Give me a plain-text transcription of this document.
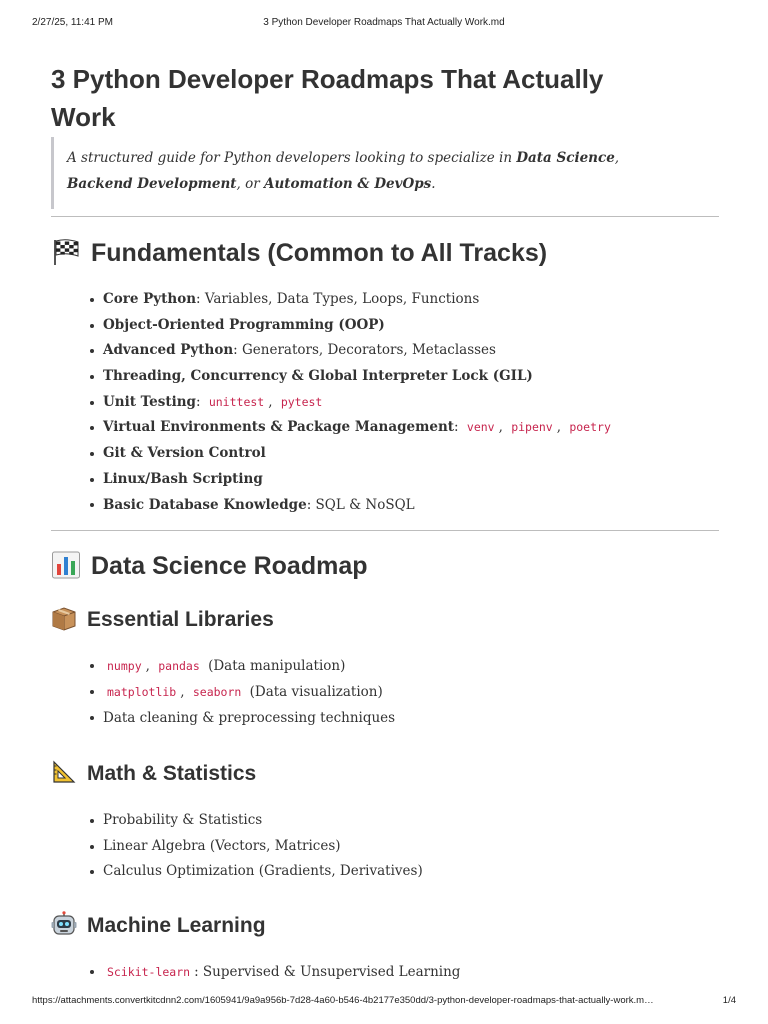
2/27/25, 11:41 PM	3 Python Developer Roadmaps That Actually Work.md
3 Python Developer Roadmaps That Actually Work
A structured guide for Python developers looking to specialize in Data Science, Backend Development, or Automation & DevOps.
Fundamentals (Common to All Tracks)
Core Python: Variables, Data Types, Loops, Functions
Object-Oriented Programming (OOP)
Advanced Python: Generators, Decorators, Metaclasses
Threading, Concurrency & Global Interpreter Lock (GIL)
Unit Testing: unittest , pytest
Virtual Environments & Package Management: venv , pipenv , poetry
Git & Version Control
Linux/Bash Scripting
Basic Database Knowledge: SQL & NoSQL
Data Science Roadmap
Essential Libraries
numpy , pandas (Data manipulation)
matplotlib , seaborn (Data visualization)
Data cleaning & preprocessing techniques
Math & Statistics
Probability & Statistics
Linear Algebra (Vectors, Matrices)
Calculus Optimization (Gradients, Derivatives)
Machine Learning
Scikit-learn : Supervised & Unsupervised Learning
https://attachments.convertkitcdnn2.com/1605941/9a9a956b-7d28-4a60-b546-4b2177e350dd/3-python-developer-roadmaps-that-actually-work.m…	1/4
